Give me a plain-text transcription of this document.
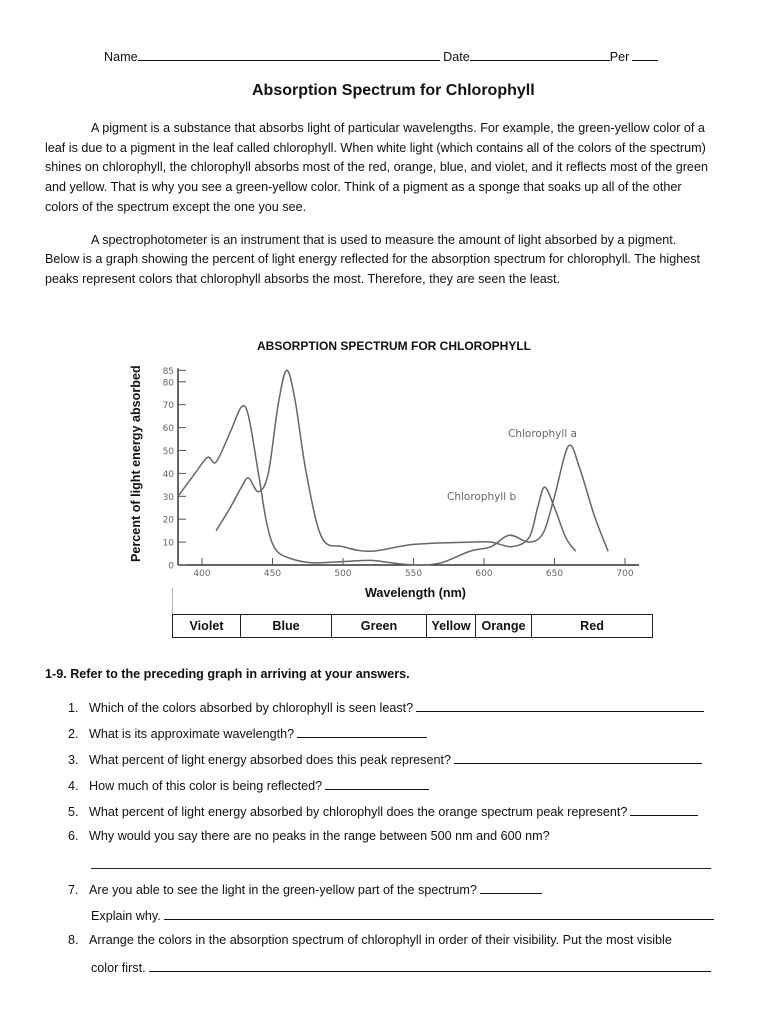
Name	Date	Per
Absorption Spectrum for Chlorophyll
A pigment is a substance that absorbs light of particular wavelengths. For example, the green-yellow color of a
leaf is due to a pigment in the leaf called chlorophyll. When white light (which contains all of the colors of the spectrum)
shines on chlorophyll, the chlorophyll absorbs most of the red, orange, blue, and violet, and it reflects most of the green
and yellow. That is why you see a green-yellow color. Think of a pigment as a sponge that soaks up all of the other
colors of the spectrum except the one you see.
A spectrophotometer is an instrument that is used to measure the amount of light absorbed by a pigment.
Below is a graph showing the percent of light energy reflected for the absorption spectrum for chlorophyll. The highest
peaks represent colors that chlorophyll absorbs the most. Therefore, they are seen the least.
ABSORPTION SPECTRUM FOR CHLOROPHYLL
Percent of light energy absorbed
0
10
20
30
40
50
60
70
80
85
400	450	500	550	600	650	700
Chlorophyll a
Chlorophyll b
Wavelength (nm)
Violet	Blue	Green	Yellow Orange	Red
1-9. Refer to the preceding graph in arriving at your answers.
1. Which of the colors absorbed by chlorophyll is seen least?
2. What is its approximate wavelength?
3. What percent of light energy absorbed does this peak represent?
4. How much of this color is being reflected?
5. What percent of light energy absorbed by chlorophyll does the orange spectrum peak represent?
6. Why would you say there are no peaks in the range between 500 nm and 600 nm?
7. Are you able to see the light in the green-yellow part of the spectrum?
Explain why.
8. Arrange the colors in the absorption spectrum of chlorophyll in order of their visibility. Put the most visible
color first.
